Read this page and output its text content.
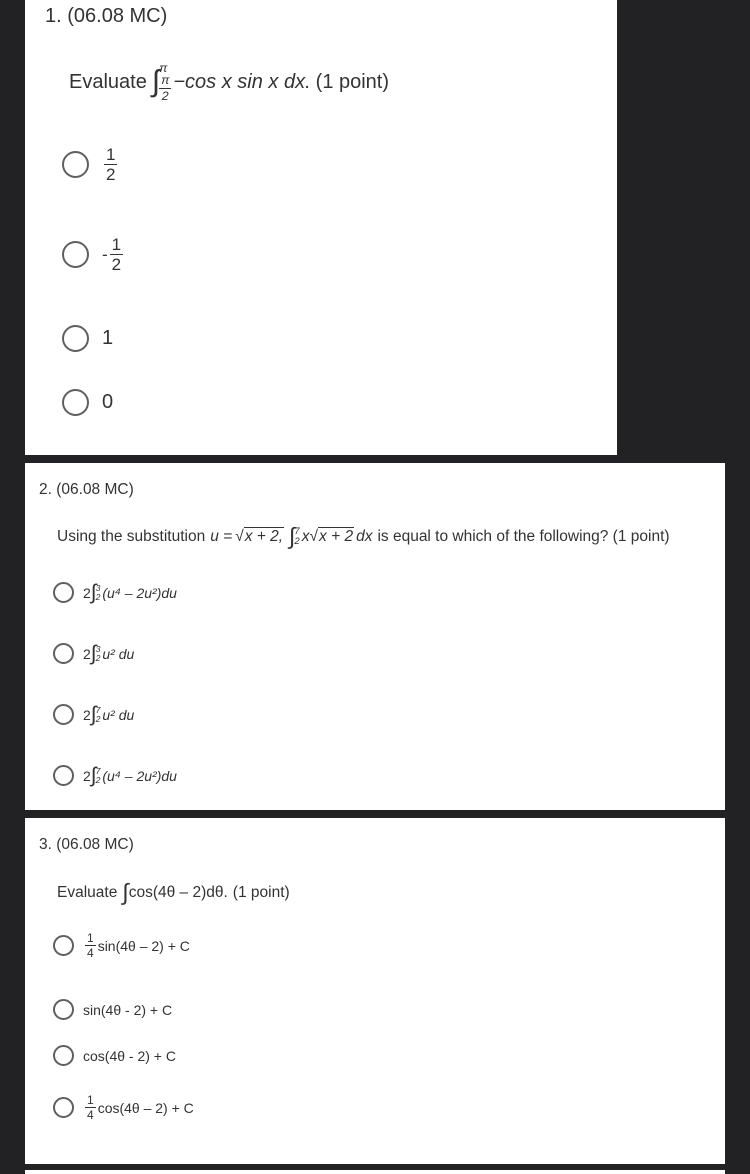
1. (06.08 MC)
Evaluate ∫ π
$\frac{\pi}{2} -\cos$ x sin x dx. (1 point)
1
2
- 1
2
1
0
2. (06.08 MC)
Using the substitution u = √ x + 2, ∫ 7
2 x √ x + 2 dx is equal to which of the following? (1 point)
2 ∫ 3
2 (u⁴ – 2u²)du
2 ∫ 3
2 u² du
2 ∫ 7
2 u² du
2 ∫ 7
2 (u⁴ – 2u²)du
3. (06.08 MC)
Evaluate ∫ cos(4θ – 2)dθ. (1 point)
1
4 sin(4θ – 2) + C
sin(4θ - 2) + C
cos(4θ - 2) + C
1
4 cos(4θ – 2) + C
